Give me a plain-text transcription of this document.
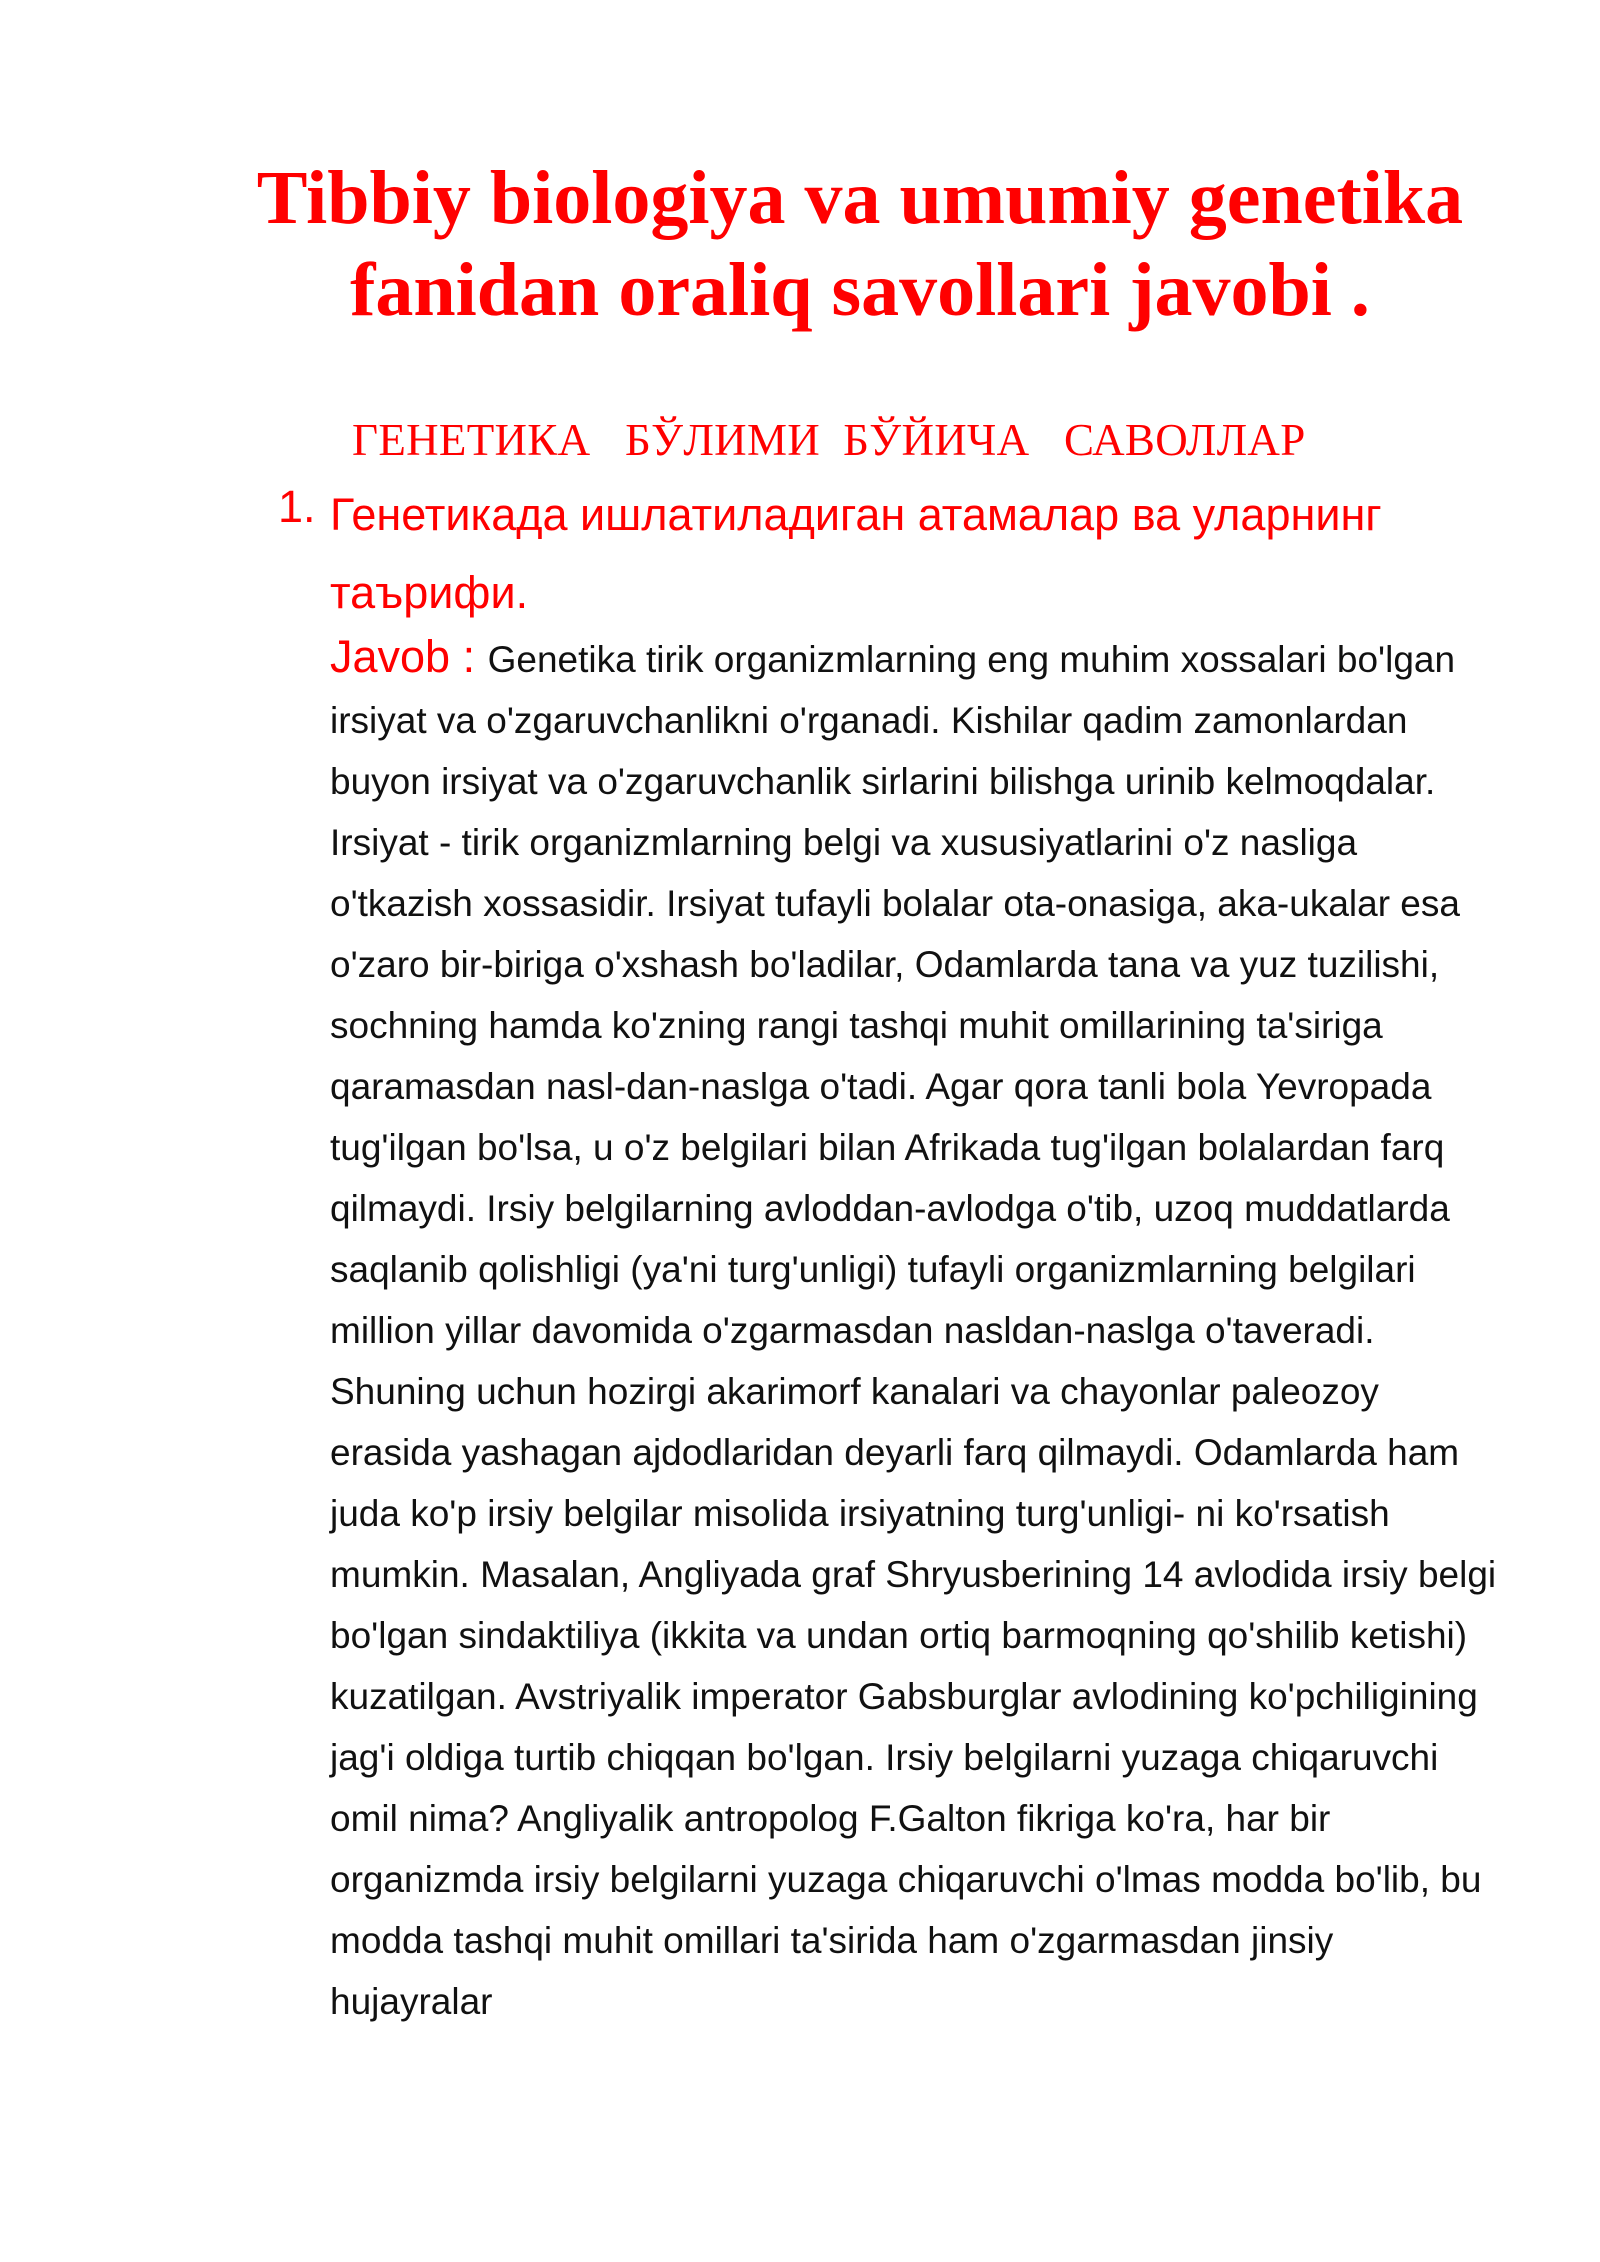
Tibbiy biologiya va umumiy genetika
fanidan oraliq savollari javobi .
ГЕНЕТИКА   БЎЛИМИ  БЎЙИЧА   САВОЛЛАР
1. Генетикада ишлатиладиган атамалар ва уларнинг таърифи.

Javob : Genetika tirik organizmlarning eng muhim xossalari bo'lgan irsiyat va o'zgaruvchanlikni o'rganadi. Kishilar qadim zamonlardan buyon irsiyat va o'zgaruvchanlik sirlarini bilishga urinib kelmoqdalar. Irsiyat - tirik organizmlarning belgi va xususiyatlarini o'z nasliga o'tkazish xossasidir. Irsiyat tufayli bolalar ota-onasiga, aka-ukalar esa o'zaro bir-biriga o'xshash bo'ladilar, Odamlarda tana va yuz tuzilishi, sochning hamda ko'zning rangi tashqi muhit omillarining ta'siriga qaramasdan nasl-dan-naslga o'tadi. Agar qora tanli bola Yevropada tug'ilgan bo'lsa, u o'z belgilari bilan Afrikada tug'ilgan bolalardan farq qilmaydi. Irsiy belgilarning avloddan-avlodga o'tib, uzoq muddatlarda saqlanib qolishligi (ya'ni turg'unligi) tufayli organizmlarning belgilari million yillar davomida o'zgarmasdan nasldan-naslga o'taveradi. Shuning uchun hozirgi akarimorf kanalari va chayonlar paleozoy erasida yashagan ajdodlaridan deyarli farq qilmaydi. Odamlarda ham juda ko'p irsiy belgilar misolida irsiyatning turg'unligi- ni ko'rsatish mumkin. Masalan, Angliyada graf Shryusberining 14 avlodida irsiy belgi bo'lgan sindaktiliya (ikkita va undan ortiq barmoqning qo'shilib ketishi) kuzatilgan. Avstriyalik imperator Gabsburglar avlodining ko'pchiligining jag'i oldiga turtib chiqqan bo'lgan. Irsiy belgilarni yuzaga chiqaruvchi omil nima? Angliyalik antropolog F.Galton fikriga ko'ra, har bir organizmda irsiy belgilarni yuzaga chiqaruvchi o'lmas modda bo'lib, bu modda tashqi muhit omillari ta'sirida ham o'zgarmasdan jinsiy hujayralar
